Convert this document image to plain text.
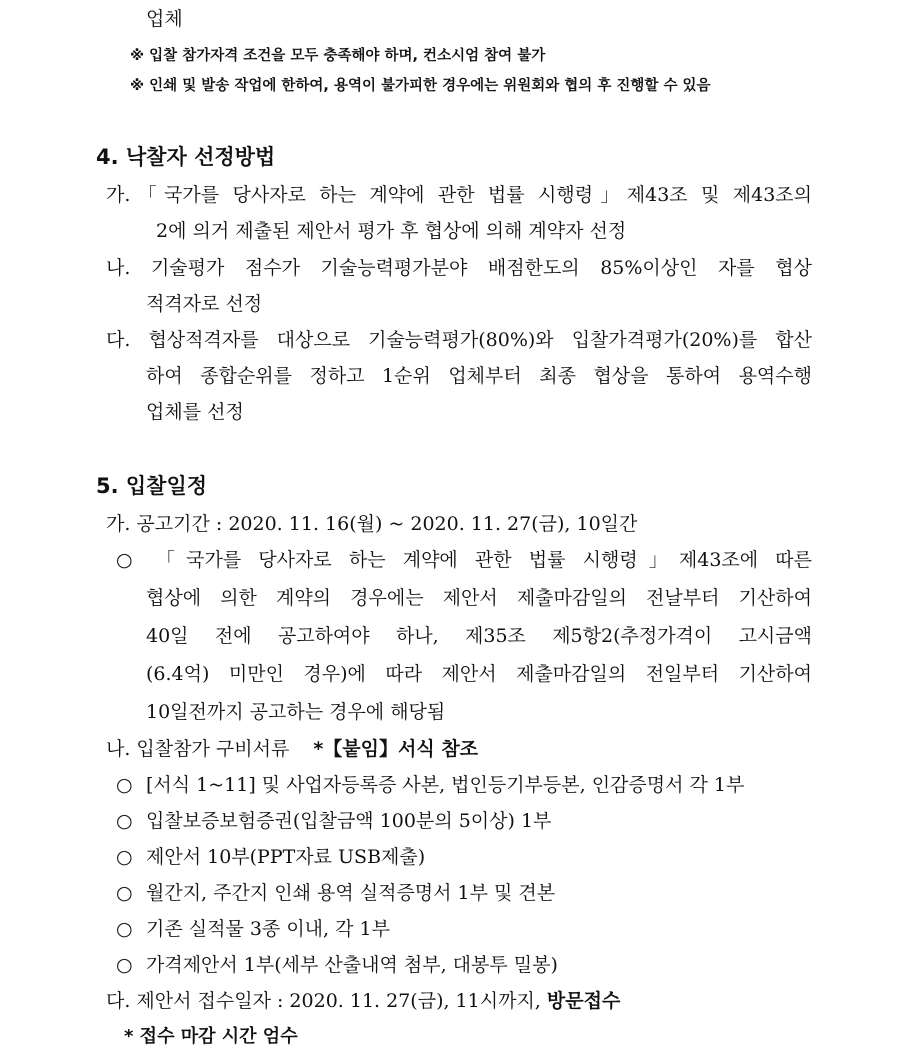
업체
※ 입찰 참가자격 조건을 모두 충족해야 하며, 컨소시엄 참여 불가
※ 인쇄 및 발송 작업에 한하여, 용역이 불가피한 경우에는 위원회와 협의 후 진행할 수 있음
4. 낙찰자 선정방법
가.「국가를 당사자로 하는 계약에 관한 법률 시행령」제43조 및 제43조의
2에 의거 제출된 제안서 평가 후 협상에 의해 계약자 선정
나. 기술평가 점수가 기술능력평가분야 배점한도의 85%이상인 자를 협상
적격자로 선정
다. 협상적격자를 대상으로 기술능력평가(80%)와 입찰가격평가(20%)를 합산
하여 종합순위를 정하고 1순위 업체부터 최종 협상을 통하여 용역수행
업체를 선정
5. 입찰일정
가. 공고기간 : 2020. 11. 16(월) ~ 2020. 11. 27(금), 10일간
○ 「국가를 당사자로 하는 계약에 관한 법률 시행령」제43조에 따른
협상에 의한 계약의 경우에는 제안서 제출마감일의 전날부터 기산하여
40일 전에 공고하여야 하나, 제35조 제5항2(추정가격이 고시금액
(6.4억) 미만인 경우)에 따라 제안서 제출마감일의 전일부터 기산하여
10일전까지 공고하는 경우에 해당됨
나. 입찰참가 구비서류 *【붙임】서식 참조
○ [서식 1~11] 및 사업자등록증 사본, 법인등기부등본, 인감증명서 각 1부
○ 입찰보증보험증권(입찰금액 100분의 5이상) 1부
○ 제안서 10부(PPT자료 USB제출)
○ 월간지, 주간지 인쇄 용역 실적증명서 1부 및 견본
○ 기존 실적물 3종 이내, 각 1부
○ 가격제안서 1부(세부 산출내역 첨부, 대봉투 밀봉)
다. 제안서 접수일자 : 2020. 11. 27(금), 11시까지, 방문접수
* 접수 마감 시간 엄수
